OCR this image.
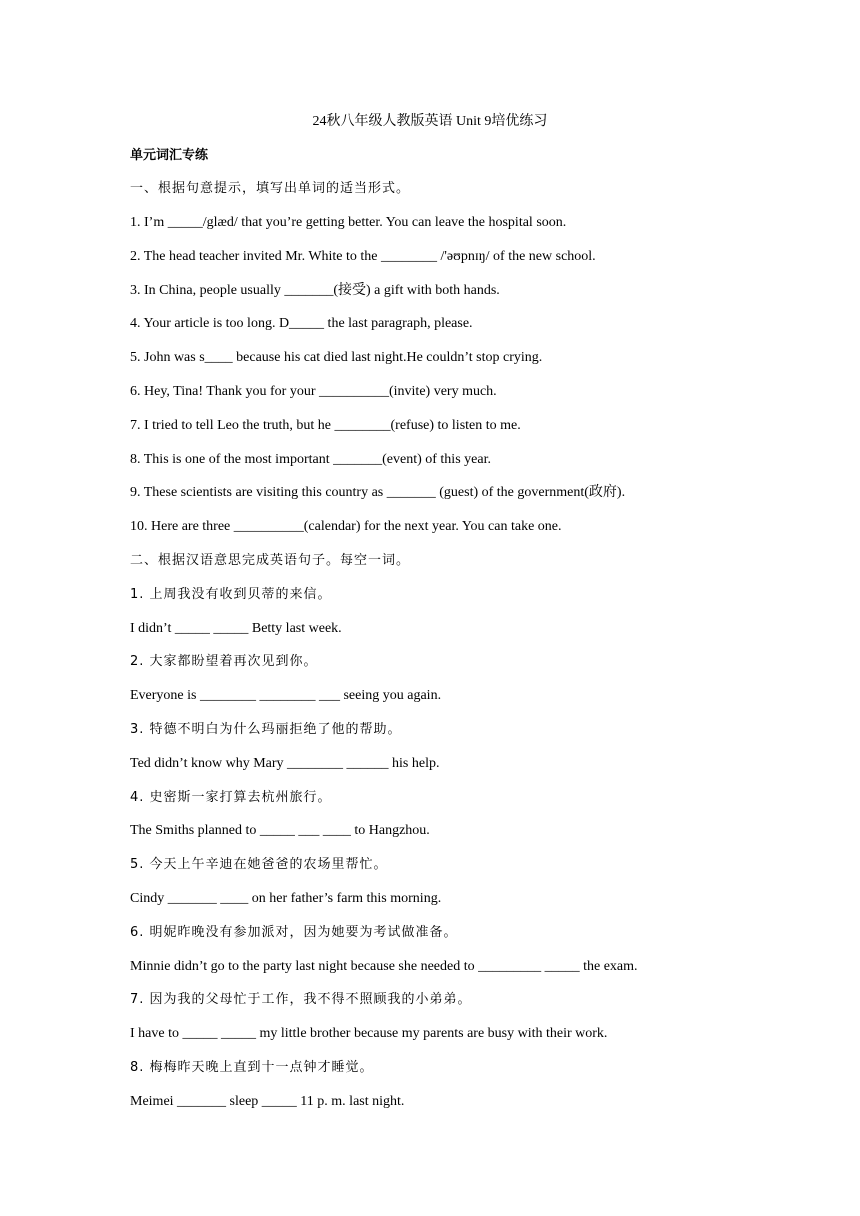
24秋八年级人教版英语 Unit 9培优练习
单元词汇专练
一、根据句意提示，填写出单词的适当形式。
1. I’m _____/glæd/ that you’re getting better. You can leave the hospital soon.
2. The head teacher invited Mr. White to the ________ /'əʊpnɪŋ/ of the new school.
3. In China, people usually _______(接受) a gift with both hands.
4. Your article is too long. D_____ the last paragraph, please.
5. John was s____ because his cat died last night.He couldn’t stop crying.
6. Hey, Tina! Thank you for your __________(invite) very much.
7. I tried to tell Leo the truth, but he ________(refuse) to listen to me.
8. This is one of the most important _______(event) of this year.
9. These scientists are visiting this country as _______ (guest) of the government(政府).
10. Here are three __________(calendar) for the next year. You can take one.
二、根据汉语意思完成英语句子。每空一词。
1. 上周我没有收到贝蒂的来信。
I didn’t _____ _____ Betty last week.
2. 大家都盼望着再次见到你。
Everyone is ________ ________ ___ seeing you again.
3. 特德不明白为什么玛丽拒绝了他的帮助。
Ted didn’t know why Mary ________ ______ his help.
4. 史密斯一家打算去杭州旅行。
The Smiths planned to _____ ___ ____ to Hangzhou.
5. 今天上午辛迪在她爸爸的农场里帮忙。
Cindy _______ ____ on her father’s farm this morning.
6. 明妮昨晚没有参加派对，因为她要为考试做准备。
Minnie didn’t go to the party last night because she needed to _________ _____ the exam.
7. 因为我的父母忙于工作，我不得不照顾我的小弟弟。
I have to _____ _____ my little brother because my parents are busy with their work.
8. 梅梅昨天晚上直到十一点钟才睡觉。
Meimei _______ sleep _____ 11 p. m. last night.
